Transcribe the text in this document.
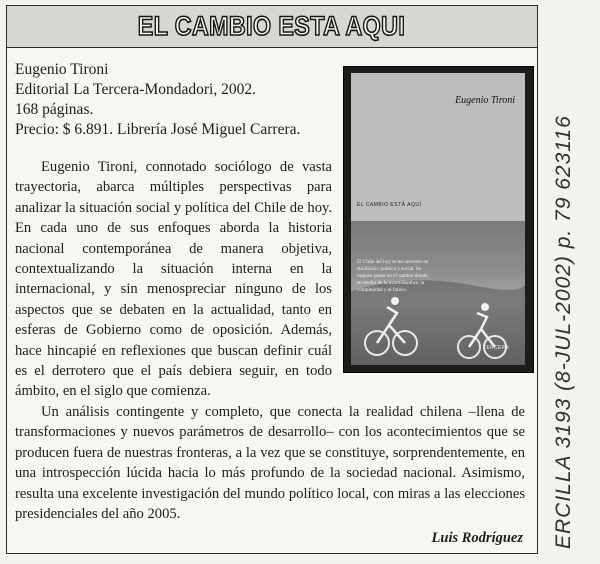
EL CAMBIO ESTA AQUI
Eugenio Tironi
Editorial La Tercera-Mondadori, 2002.
168 páginas.
Precio: $ 6.891. Librería José Miguel Carrera.

Eugenio Tironi, connotado sociólogo de vasta trayectoria, abarca múltiples perspectivas para analizar la situación social y política del Chile de hoy. En cada uno de sus enfoques aborda la historia nacional contemporánea de manera objetiva, contextualizando la situación interna en la internacional, y sin menospreciar ninguno de los aspectos que se debaten en la actualidad, tanto en esferas de Gobierno como de oposición. Además, hace hincapié en reflexiones que buscan definir cuál es el derrotero que el país debiera seguir, en todo ámbito, en el siglo que comienza.

Un análisis contingente y completo, que conecta la realidad chilena –llena de transformaciones y nuevos parámetros de desarrollo– con los acontecimientos que se producen fuera de nuestras fronteras, a la vez que se constituye, sorprendentemente, en una introspección lúcida hacia lo más profundo de la sociedad nacional. Asimismo, resulta una excelente investigación del mundo político local, con miras a las elecciones presidenciales del año 2005.

Luis Rodríguez
Eugenio Tironi
EL CAMBIO ESTÁ AQUÍ
El Chile del hoy es un universo en ebullición: política y social. Se impone poner en el cambio donde, en medio de la incertidumbre, la complejidad y el futuro.
TERCERA ERCILLA 3193 (8-JUL-2002) p. 79 623116
